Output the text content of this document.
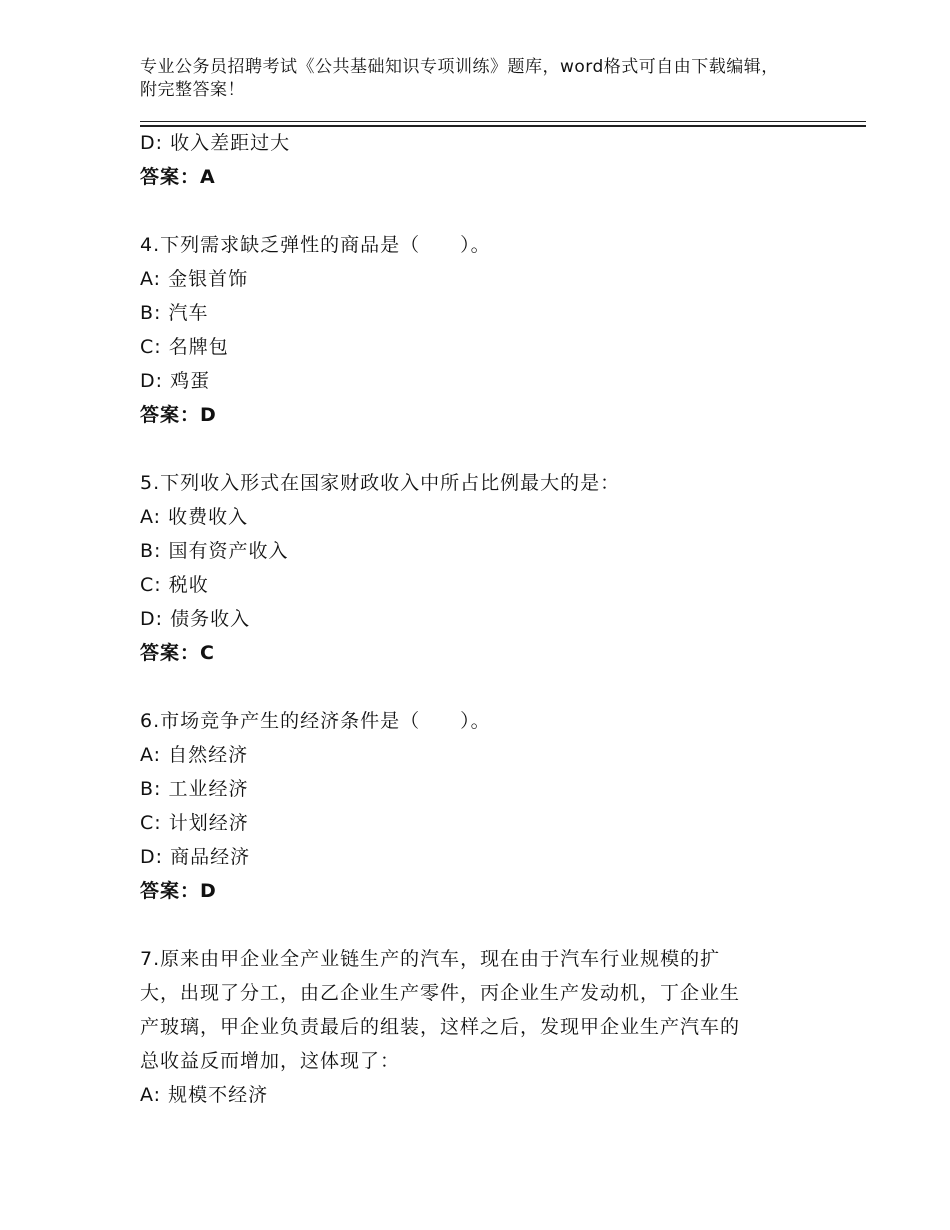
专业公务员招聘考试《公共基础知识专项训练》题库，word格式可自由下载编辑，附完整答案！
D: 收入差距过大
答案：A
4.下列需求缺乏弹性的商品是（　　）。
A: 金银首饰
B: 汽车
C: 名牌包
D: 鸡蛋
答案：D
5.下列收入形式在国家财政收入中所占比例最大的是：
A: 收费收入
B: 国有资产收入
C: 税收
D: 债务收入
答案：C
6.市场竞争产生的经济条件是（　　）。
A: 自然经济
B: 工业经济
C: 计划经济
D: 商品经济
答案：D
7.原来由甲企业全产业链生产的汽车，现在由于汽车行业规模的扩
大，出现了分工，由乙企业生产零件，丙企业生产发动机，丁企业生
产玻璃，甲企业负责最后的组装，这样之后，发现甲企业生产汽车的
总收益反而增加，这体现了：
A: 规模不经济
